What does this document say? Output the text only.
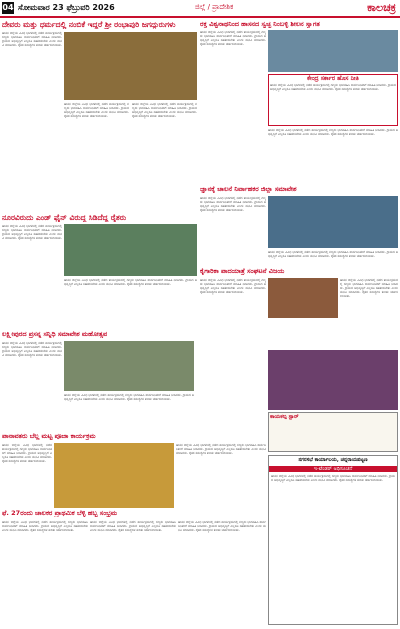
04 ಸೋಮವಾರ 23 ಫೆಬ್ರುವರಿ 2026	ಜಿಲ್ಲೆ / ಪ್ರಾದೇಶಿಕ	ಕಾಲಚಕ್ರ
ದೇವರು ಮತ್ತು ಧರ್ಮದಲ್ಲಿ ನಂಬಿಕೆ ಇದ್ದರೆ ಶ್ರೀ ರಂಭಾಪುರಿ ಜಗದ್ಗುರುಗಳು
ಹಾಸನ ಜಿಲ್ಲೆಯ ವಿವಿಧ ಭಾಗಗಳಲ್ಲಿ ನಡೆದ ಕಾರ್ಯಕ್ರಮದಲ್ಲಿ ಗಣ್ಯರು ಭಾಗವಹಿಸಿ ಸಾರ್ವಜನಿಕರಿಗೆ ಮಾಹಿತಿ ನೀಡಿದರು. ಗ್ರಾಮದ ಅಭಿವೃದ್ಧಿಗೆ ಎಲ್ಲರೂ ಸಹಕರಿಸಬೇಕು ಎಂದು ಮನವಿ ಮಾಡಿದರು. ರೈತರ ಸಮಸ್ಯೆಗಳ ಕುರಿತು ಚರ್ಚಿಸಲಾಯಿತು.
ಹಾಸನ ಜಿಲ್ಲೆಯ ವಿವಿಧ ಭಾಗಗಳಲ್ಲಿ ನಡೆದ ಕಾರ್ಯಕ್ರಮದಲ್ಲಿ ಗಣ್ಯರು ಭಾಗವಹಿಸಿ ಸಾರ್ವಜನಿಕರಿಗೆ ಮಾಹಿತಿ ನೀಡಿದರು. ಗ್ರಾಮದ ಅಭಿವೃದ್ಧಿಗೆ ಎಲ್ಲರೂ ಸಹಕರಿಸಬೇಕು ಎಂದು ಮನವಿ ಮಾಡಿದರು. ರೈತರ ಸಮಸ್ಯೆಗಳ ಕುರಿತು ಚರ್ಚಿಸಲಾಯಿತು.
ಹಾಸನ ಜಿಲ್ಲೆಯ ವಿವಿಧ ಭಾಗಗಳಲ್ಲಿ ನಡೆದ ಕಾರ್ಯಕ್ರಮದಲ್ಲಿ ಗಣ್ಯರು ಭಾಗವಹಿಸಿ ಸಾರ್ವಜನಿಕರಿಗೆ ಮಾಹಿತಿ ನೀಡಿದರು. ಗ್ರಾಮದ ಅಭಿವೃದ್ಧಿಗೆ ಎಲ್ಲರೂ ಸಹಕರಿಸಬೇಕು ಎಂದು ಮನವಿ ಮಾಡಿದರು. ರೈತರ ಸಮಸ್ಯೆಗಳ ಕುರಿತು ಚರ್ಚಿಸಲಾಯಿತು.
ರಕ್ತ ವಿಶ್ವನಾಥನಿಂದ ಹಾಸನದ ಸ್ವಚ್ಛ ನಿಂಬಳ್ಳಿ ಶೀಲನ ಸ್ವಾಗತ
ಹಾಸನ ಜಿಲ್ಲೆಯ ವಿವಿಧ ಭಾಗಗಳಲ್ಲಿ ನಡೆದ ಕಾರ್ಯಕ್ರಮದಲ್ಲಿ ಗಣ್ಯರು ಭಾಗವಹಿಸಿ ಸಾರ್ವಜನಿಕರಿಗೆ ಮಾಹಿತಿ ನೀಡಿದರು. ಗ್ರಾಮದ ಅಭಿವೃದ್ಧಿಗೆ ಎಲ್ಲರೂ ಸಹಕರಿಸಬೇಕು ಎಂದು ಮನವಿ ಮಾಡಿದರು. ರೈತರ ಸಮಸ್ಯೆಗಳ ಕುರಿತು ಚರ್ಚಿಸಲಾಯಿತು.
ಕೇಂದ್ರ ಸರ್ಕಾರ ಹೊಸ ನೀತಿ
ಹಾಸನ ಜಿಲ್ಲೆಯ ವಿವಿಧ ಭಾಗಗಳಲ್ಲಿ ನಡೆದ ಕಾರ್ಯಕ್ರಮದಲ್ಲಿ ಗಣ್ಯರು ಭಾಗವಹಿಸಿ ಸಾರ್ವಜನಿಕರಿಗೆ ಮಾಹಿತಿ ನೀಡಿದರು. ಗ್ರಾಮದ ಅಭಿವೃದ್ಧಿಗೆ ಎಲ್ಲರೂ ಸಹಕರಿಸಬೇಕು ಎಂದು ಮನವಿ ಮಾಡಿದರು. ರೈತರ ಸಮಸ್ಯೆಗಳ ಕುರಿತು ಚರ್ಚಿಸಲಾಯಿತು.
ಹಾಸನ ಜಿಲ್ಲೆಯ ವಿವಿಧ ಭಾಗಗಳಲ್ಲಿ ನಡೆದ ಕಾರ್ಯಕ್ರಮದಲ್ಲಿ ಗಣ್ಯರು ಭಾಗವಹಿಸಿ ಸಾರ್ವಜನಿಕರಿಗೆ ಮಾಹಿತಿ ನೀಡಿದರು. ಗ್ರಾಮದ ಅಭಿವೃದ್ಧಿಗೆ ಎಲ್ಲರೂ ಸಹಕರಿಸಬೇಕು ಎಂದು ಮನವಿ ಮಾಡಿದರು. ರೈತರ ಸಮಸ್ಯೆಗಳ ಕುರಿತು ಚರ್ಚಿಸಲಾಯಿತು.
ನೂರವಿರುದು ಎಂಡ್ ಫೈನ್ ವಿರುದ್ಧ ಸಿಡಿದೆದ್ದ ರೈತರು
ಹಾಸನ ಜಿಲ್ಲೆಯ ವಿವಿಧ ಭಾಗಗಳಲ್ಲಿ ನಡೆದ ಕಾರ್ಯಕ್ರಮದಲ್ಲಿ ಗಣ್ಯರು ಭಾಗವಹಿಸಿ ಸಾರ್ವಜನಿಕರಿಗೆ ಮಾಹಿತಿ ನೀಡಿದರು. ಗ್ರಾಮದ ಅಭಿವೃದ್ಧಿಗೆ ಎಲ್ಲರೂ ಸಹಕರಿಸಬೇಕು ಎಂದು ಮನವಿ ಮಾಡಿದರು. ರೈತರ ಸಮಸ್ಯೆಗಳ ಕುರಿತು ಚರ್ಚಿಸಲಾಯಿತು.
ಹಾಸನ ಜಿಲ್ಲೆಯ ವಿವಿಧ ಭಾಗಗಳಲ್ಲಿ ನಡೆದ ಕಾರ್ಯಕ್ರಮದಲ್ಲಿ ಗಣ್ಯರು ಭಾಗವಹಿಸಿ ಸಾರ್ವಜನಿಕರಿಗೆ ಮಾಹಿತಿ ನೀಡಿದರು. ಗ್ರಾಮದ ಅಭಿವೃದ್ಧಿಗೆ ಎಲ್ಲರೂ ಸಹಕರಿಸಬೇಕು ಎಂದು ಮನವಿ ಮಾಡಿದರು. ರೈತರ ಸಮಸ್ಯೆಗಳ ಕುರಿತು ಚರ್ಚಿಸಲಾಯಿತು.
ಜ್ಞಾನಕ್ಕೆ ಚಾಲನೆ ನಿರ್ವಾಹಕರ ಜಿಲ್ಲಾ ಸಮಾವೇಶ
ಹಾಸನ ಜಿಲ್ಲೆಯ ವಿವಿಧ ಭಾಗಗಳಲ್ಲಿ ನಡೆದ ಕಾರ್ಯಕ್ರಮದಲ್ಲಿ ಗಣ್ಯರು ಭಾಗವಹಿಸಿ ಸಾರ್ವಜನಿಕರಿಗೆ ಮಾಹಿತಿ ನೀಡಿದರು. ಗ್ರಾಮದ ಅಭಿವೃದ್ಧಿಗೆ ಎಲ್ಲರೂ ಸಹಕರಿಸಬೇಕು ಎಂದು ಮನವಿ ಮಾಡಿದರು. ರೈತರ ಸಮಸ್ಯೆಗಳ ಕುರಿತು ಚರ್ಚಿಸಲಾಯಿತು.
ಹಾಸನ ಜಿಲ್ಲೆಯ ವಿವಿಧ ಭಾಗಗಳಲ್ಲಿ ನಡೆದ ಕಾರ್ಯಕ್ರಮದಲ್ಲಿ ಗಣ್ಯರು ಭಾಗವಹಿಸಿ ಸಾರ್ವಜನಿಕರಿಗೆ ಮಾಹಿತಿ ನೀಡಿದರು. ಗ್ರಾಮದ ಅಭಿವೃದ್ಧಿಗೆ ಎಲ್ಲರೂ ಸಹಕರಿಸಬೇಕು ಎಂದು ಮನವಿ ಮಾಡಿದರು. ರೈತರ ಸಮಸ್ಯೆಗಳ ಕುರಿತು ಚರ್ಚಿಸಲಾಯಿತು.
ಕೈಗಾರಿಕಾ ಪಾದಯಾತ್ರೆ ಸಂಘಟನೆ ವಿಜಯ
ಹಾಸನ ಜಿಲ್ಲೆಯ ವಿವಿಧ ಭಾಗಗಳಲ್ಲಿ ನಡೆದ ಕಾರ್ಯಕ್ರಮದಲ್ಲಿ ಗಣ್ಯರು ಭಾಗವಹಿಸಿ ಸಾರ್ವಜನಿಕರಿಗೆ ಮಾಹಿತಿ ನೀಡಿದರು. ಗ್ರಾಮದ ಅಭಿವೃದ್ಧಿಗೆ ಎಲ್ಲರೂ ಸಹಕರಿಸಬೇಕು ಎಂದು ಮನವಿ ಮಾಡಿದರು. ರೈತರ ಸಮಸ್ಯೆಗಳ ಕುರಿತು ಚರ್ಚಿಸಲಾಯಿತು.
ಹಾಸನ ಜಿಲ್ಲೆಯ ವಿವಿಧ ಭಾಗಗಳಲ್ಲಿ ನಡೆದ ಕಾರ್ಯಕ್ರಮದಲ್ಲಿ ಗಣ್ಯರು ಭಾಗವಹಿಸಿ ಸಾರ್ವಜನಿಕರಿಗೆ ಮಾಹಿತಿ ನೀಡಿದರು. ಗ್ರಾಮದ ಅಭಿವೃದ್ಧಿಗೆ ಎಲ್ಲರೂ ಸಹಕರಿಸಬೇಕು ಎಂದು ಮನವಿ ಮಾಡಿದರು. ರೈತರ ಸಮಸ್ಯೆಗಳ ಕುರಿತು ಚರ್ಚಿಸಲಾಯಿತು.
ಲಕ್ಷ್ಮೀಪುರದ ಪ್ರಸನ್ನ ಸನ್ನಿಧಿ ಸಮಾವೇಶ ಮಹೋತ್ಸವ
ಹಾಸನ ಜಿಲ್ಲೆಯ ವಿವಿಧ ಭಾಗಗಳಲ್ಲಿ ನಡೆದ ಕಾರ್ಯಕ್ರಮದಲ್ಲಿ ಗಣ್ಯರು ಭಾಗವಹಿಸಿ ಸಾರ್ವಜನಿಕರಿಗೆ ಮಾಹಿತಿ ನೀಡಿದರು. ಗ್ರಾಮದ ಅಭಿವೃದ್ಧಿಗೆ ಎಲ್ಲರೂ ಸಹಕರಿಸಬೇಕು ಎಂದು ಮನವಿ ಮಾಡಿದರು. ರೈತರ ಸಮಸ್ಯೆಗಳ ಕುರಿತು ಚರ್ಚಿಸಲಾಯಿತು.
ಹಾಸನ ಜಿಲ್ಲೆಯ ವಿವಿಧ ಭಾಗಗಳಲ್ಲಿ ನಡೆದ ಕಾರ್ಯಕ್ರಮದಲ್ಲಿ ಗಣ್ಯರು ಭಾಗವಹಿಸಿ ಸಾರ್ವಜನಿಕರಿಗೆ ಮಾಹಿತಿ ನೀಡಿದರು. ಗ್ರಾಮದ ಅಭಿವೃದ್ಧಿಗೆ ಎಲ್ಲರೂ ಸಹಕರಿಸಬೇಕು ಎಂದು ಮನವಿ ಮಾಡಿದರು. ರೈತರ ಸಮಸ್ಯೆಗಳ ಕುರಿತು ಚರ್ಚಿಸಲಾಯಿತು.
ಪಾನಾವತರು ಬೆಲ್ಲ ಮಟ್ಟ ಪೂಜಾ ಕಾರ್ಯಕ್ರಮ
ಹಾಸನ ಜಿಲ್ಲೆಯ ವಿವಿಧ ಭಾಗಗಳಲ್ಲಿ ನಡೆದ ಕಾರ್ಯಕ್ರಮದಲ್ಲಿ ಗಣ್ಯರು ಭಾಗವಹಿಸಿ ಸಾರ್ವಜನಿಕರಿಗೆ ಮಾಹಿತಿ ನೀಡಿದರು. ಗ್ರಾಮದ ಅಭಿವೃದ್ಧಿಗೆ ಎಲ್ಲರೂ ಸಹಕರಿಸಬೇಕು ಎಂದು ಮನವಿ ಮಾಡಿದರು. ರೈತರ ಸಮಸ್ಯೆಗಳ ಕುರಿತು ಚರ್ಚಿಸಲಾಯಿತು.
ಹಾಸನ ಜಿಲ್ಲೆಯ ವಿವಿಧ ಭಾಗಗಳಲ್ಲಿ ನಡೆದ ಕಾರ್ಯಕ್ರಮದಲ್ಲಿ ಗಣ್ಯರು ಭಾಗವಹಿಸಿ ಸಾರ್ವಜನಿಕರಿಗೆ ಮಾಹಿತಿ ನೀಡಿದರು. ಗ್ರಾಮದ ಅಭಿವೃದ್ಧಿಗೆ ಎಲ್ಲರೂ ಸಹಕರಿಸಬೇಕು ಎಂದು ಮನವಿ ಮಾಡಿದರು. ರೈತರ ಸಮಸ್ಯೆಗಳ ಕುರಿತು ಚರ್ಚಿಸಲಾಯಿತು.
ಫೆ. 27ರಂದು ಚಾಲಕರ ಪ್ರಾಥಮಿಕ ಬೆಳ್ಳಿ ಹಬ್ಬ ಸಂಭ್ರಮ
ಹಾಸನ ಜಿಲ್ಲೆಯ ವಿವಿಧ ಭಾಗಗಳಲ್ಲಿ ನಡೆದ ಕಾರ್ಯಕ್ರಮದಲ್ಲಿ ಗಣ್ಯರು ಭಾಗವಹಿಸಿ ಸಾರ್ವಜನಿಕರಿಗೆ ಮಾಹಿತಿ ನೀಡಿದರು. ಗ್ರಾಮದ ಅಭಿವೃದ್ಧಿಗೆ ಎಲ್ಲರೂ ಸಹಕರಿಸಬೇಕು ಎಂದು ಮನವಿ ಮಾಡಿದರು. ರೈತರ ಸಮಸ್ಯೆಗಳ ಕುರಿತು ಚರ್ಚಿಸಲಾಯಿತು.
ಹಾಸನ ಜಿಲ್ಲೆಯ ವಿವಿಧ ಭಾಗಗಳಲ್ಲಿ ನಡೆದ ಕಾರ್ಯಕ್ರಮದಲ್ಲಿ ಗಣ್ಯರು ಭಾಗವಹಿಸಿ ಸಾರ್ವಜನಿಕರಿಗೆ ಮಾಹಿತಿ ನೀಡಿದರು. ಗ್ರಾಮದ ಅಭಿವೃದ್ಧಿಗೆ ಎಲ್ಲರೂ ಸಹಕರಿಸಬೇಕು ಎಂದು ಮನವಿ ಮಾಡಿದರು. ರೈತರ ಸಮಸ್ಯೆಗಳ ಕುರಿತು ಚರ್ಚಿಸಲಾಯಿತು.
ಹಾಸನ ಜಿಲ್ಲೆಯ ವಿವಿಧ ಭಾಗಗಳಲ್ಲಿ ನಡೆದ ಕಾರ್ಯಕ್ರಮದಲ್ಲಿ ಗಣ್ಯರು ಭಾಗವಹಿಸಿ ಸಾರ್ವಜನಿಕರಿಗೆ ಮಾಹಿತಿ ನೀಡಿದರು. ಗ್ರಾಮದ ಅಭಿವೃದ್ಧಿಗೆ ಎಲ್ಲರೂ ಸಹಕರಿಸಬೇಕು ಎಂದು ಮನವಿ ಮಾಡಿದರು. ರೈತರ ಸಮಸ್ಯೆಗಳ ಕುರಿತು ಚರ್ಚಿಸಲಾಯಿತು.
ಕಾಯಕಲ್ಪ ಸ್ಟಾರ್
ನಗರಸಭೆ ಕಾರ್ಯಾಲಯ, ಚನ್ನರಾಯಪಟ್ಟಣ
ಇ-ಟೆಂಡರ್ ಅಧಿಸೂಚನೆ
ಹಾಸನ ಜಿಲ್ಲೆಯ ವಿವಿಧ ಭಾಗಗಳಲ್ಲಿ ನಡೆದ ಕಾರ್ಯಕ್ರಮದಲ್ಲಿ ಗಣ್ಯರು ಭಾಗವಹಿಸಿ ಸಾರ್ವಜನಿಕರಿಗೆ ಮಾಹಿತಿ ನೀಡಿದರು. ಗ್ರಾಮದ ಅಭಿವೃದ್ಧಿಗೆ ಎಲ್ಲರೂ ಸಹಕರಿಸಬೇಕು ಎಂದು ಮನವಿ ಮಾಡಿದರು. ರೈತರ ಸಮಸ್ಯೆಗಳ ಕುರಿತು ಚರ್ಚಿಸಲಾಯಿತು.
